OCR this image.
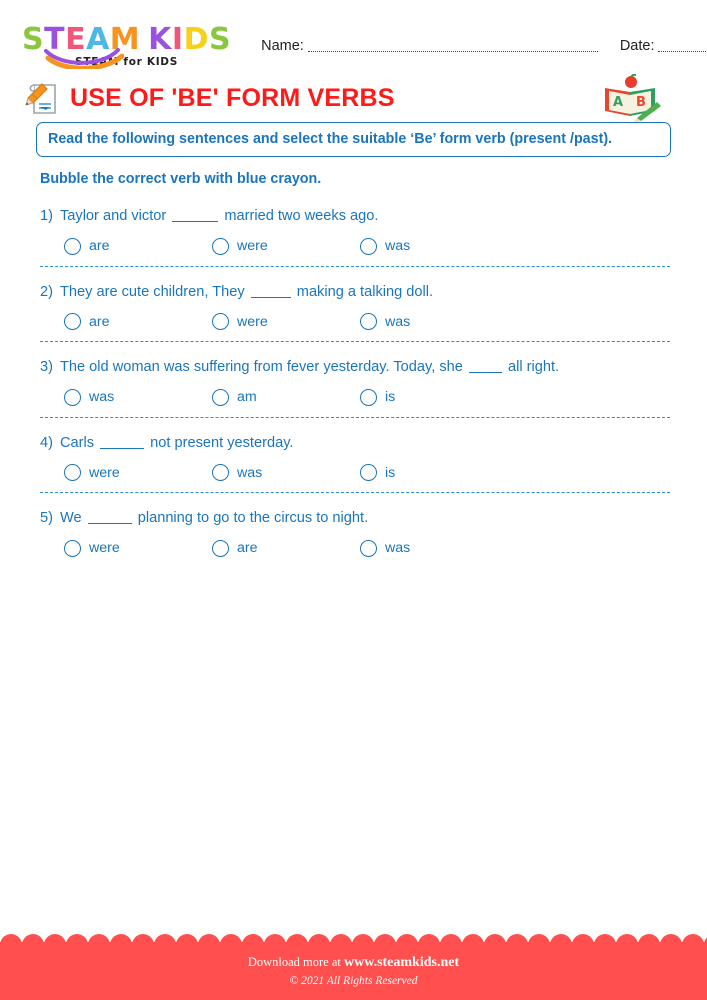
STEAM KIDS
STEAM for KIDS
Name:	Date:
USE OF 'BE' FORM VERBS	A B
Read the following sentences and select the suitable ‘Be’ form verb (present /past).
Bubble the correct verb with blue crayon.
1) Taylor and victor	married two weeks ago.
are	were	was
2) They are cute children, They	making a talking doll.
are	were	was
3) The old woman was suffering from fever yesterday. Today, she	all right.
was	am	is
4) Carls	not present yesterday.
were	was	is
5) We	planning to go to the circus to night.
were	are	was
Download more at www.steamkids.net
© 2021 All Rights Reserved
